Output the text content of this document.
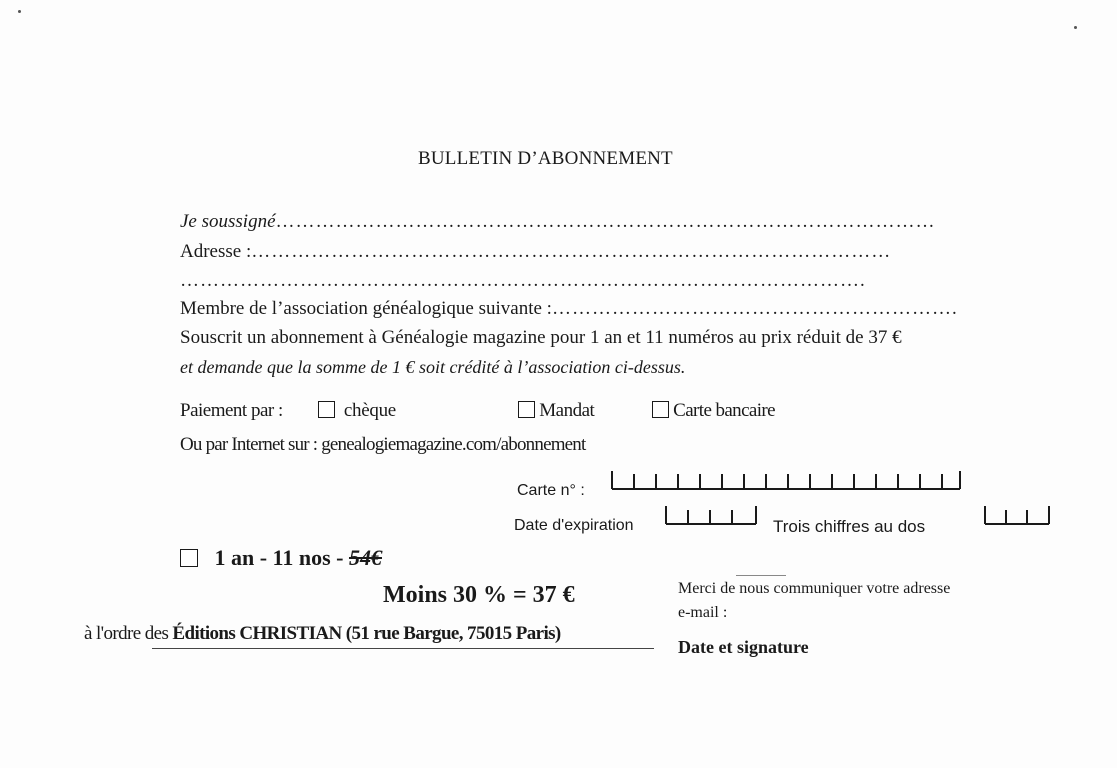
BULLETIN D’ABONNEMENT
Je soussigné………………………………………………………………………………………
Adresse :……………………………………………………………………………………
………………………………………………………………………………………….
Membre de l’association généalogique suivante :…………………………………………………….
Souscrit un abonnement à Généalogie magazine pour 1 an et 11 numéros au prix réduit de 37 €
et demande que la somme de 1 € soit crédité à l’association ci-dessus.
Paiement par :	chèque	Mandat	Carte bancaire
Ou par Internet sur : genealogiemagazine.com/abonnement
Carte n° :
Date d'expiration	Trois chiffres au dos
1 an - 11 nos - 54€
Moins 30 % = 37 €
à l'ordre des Éditions CHRISTIAN (51 rue Bargue, 75015 Paris)
Merci de nous communiquer votre adresse
e-mail :
Date et signature
